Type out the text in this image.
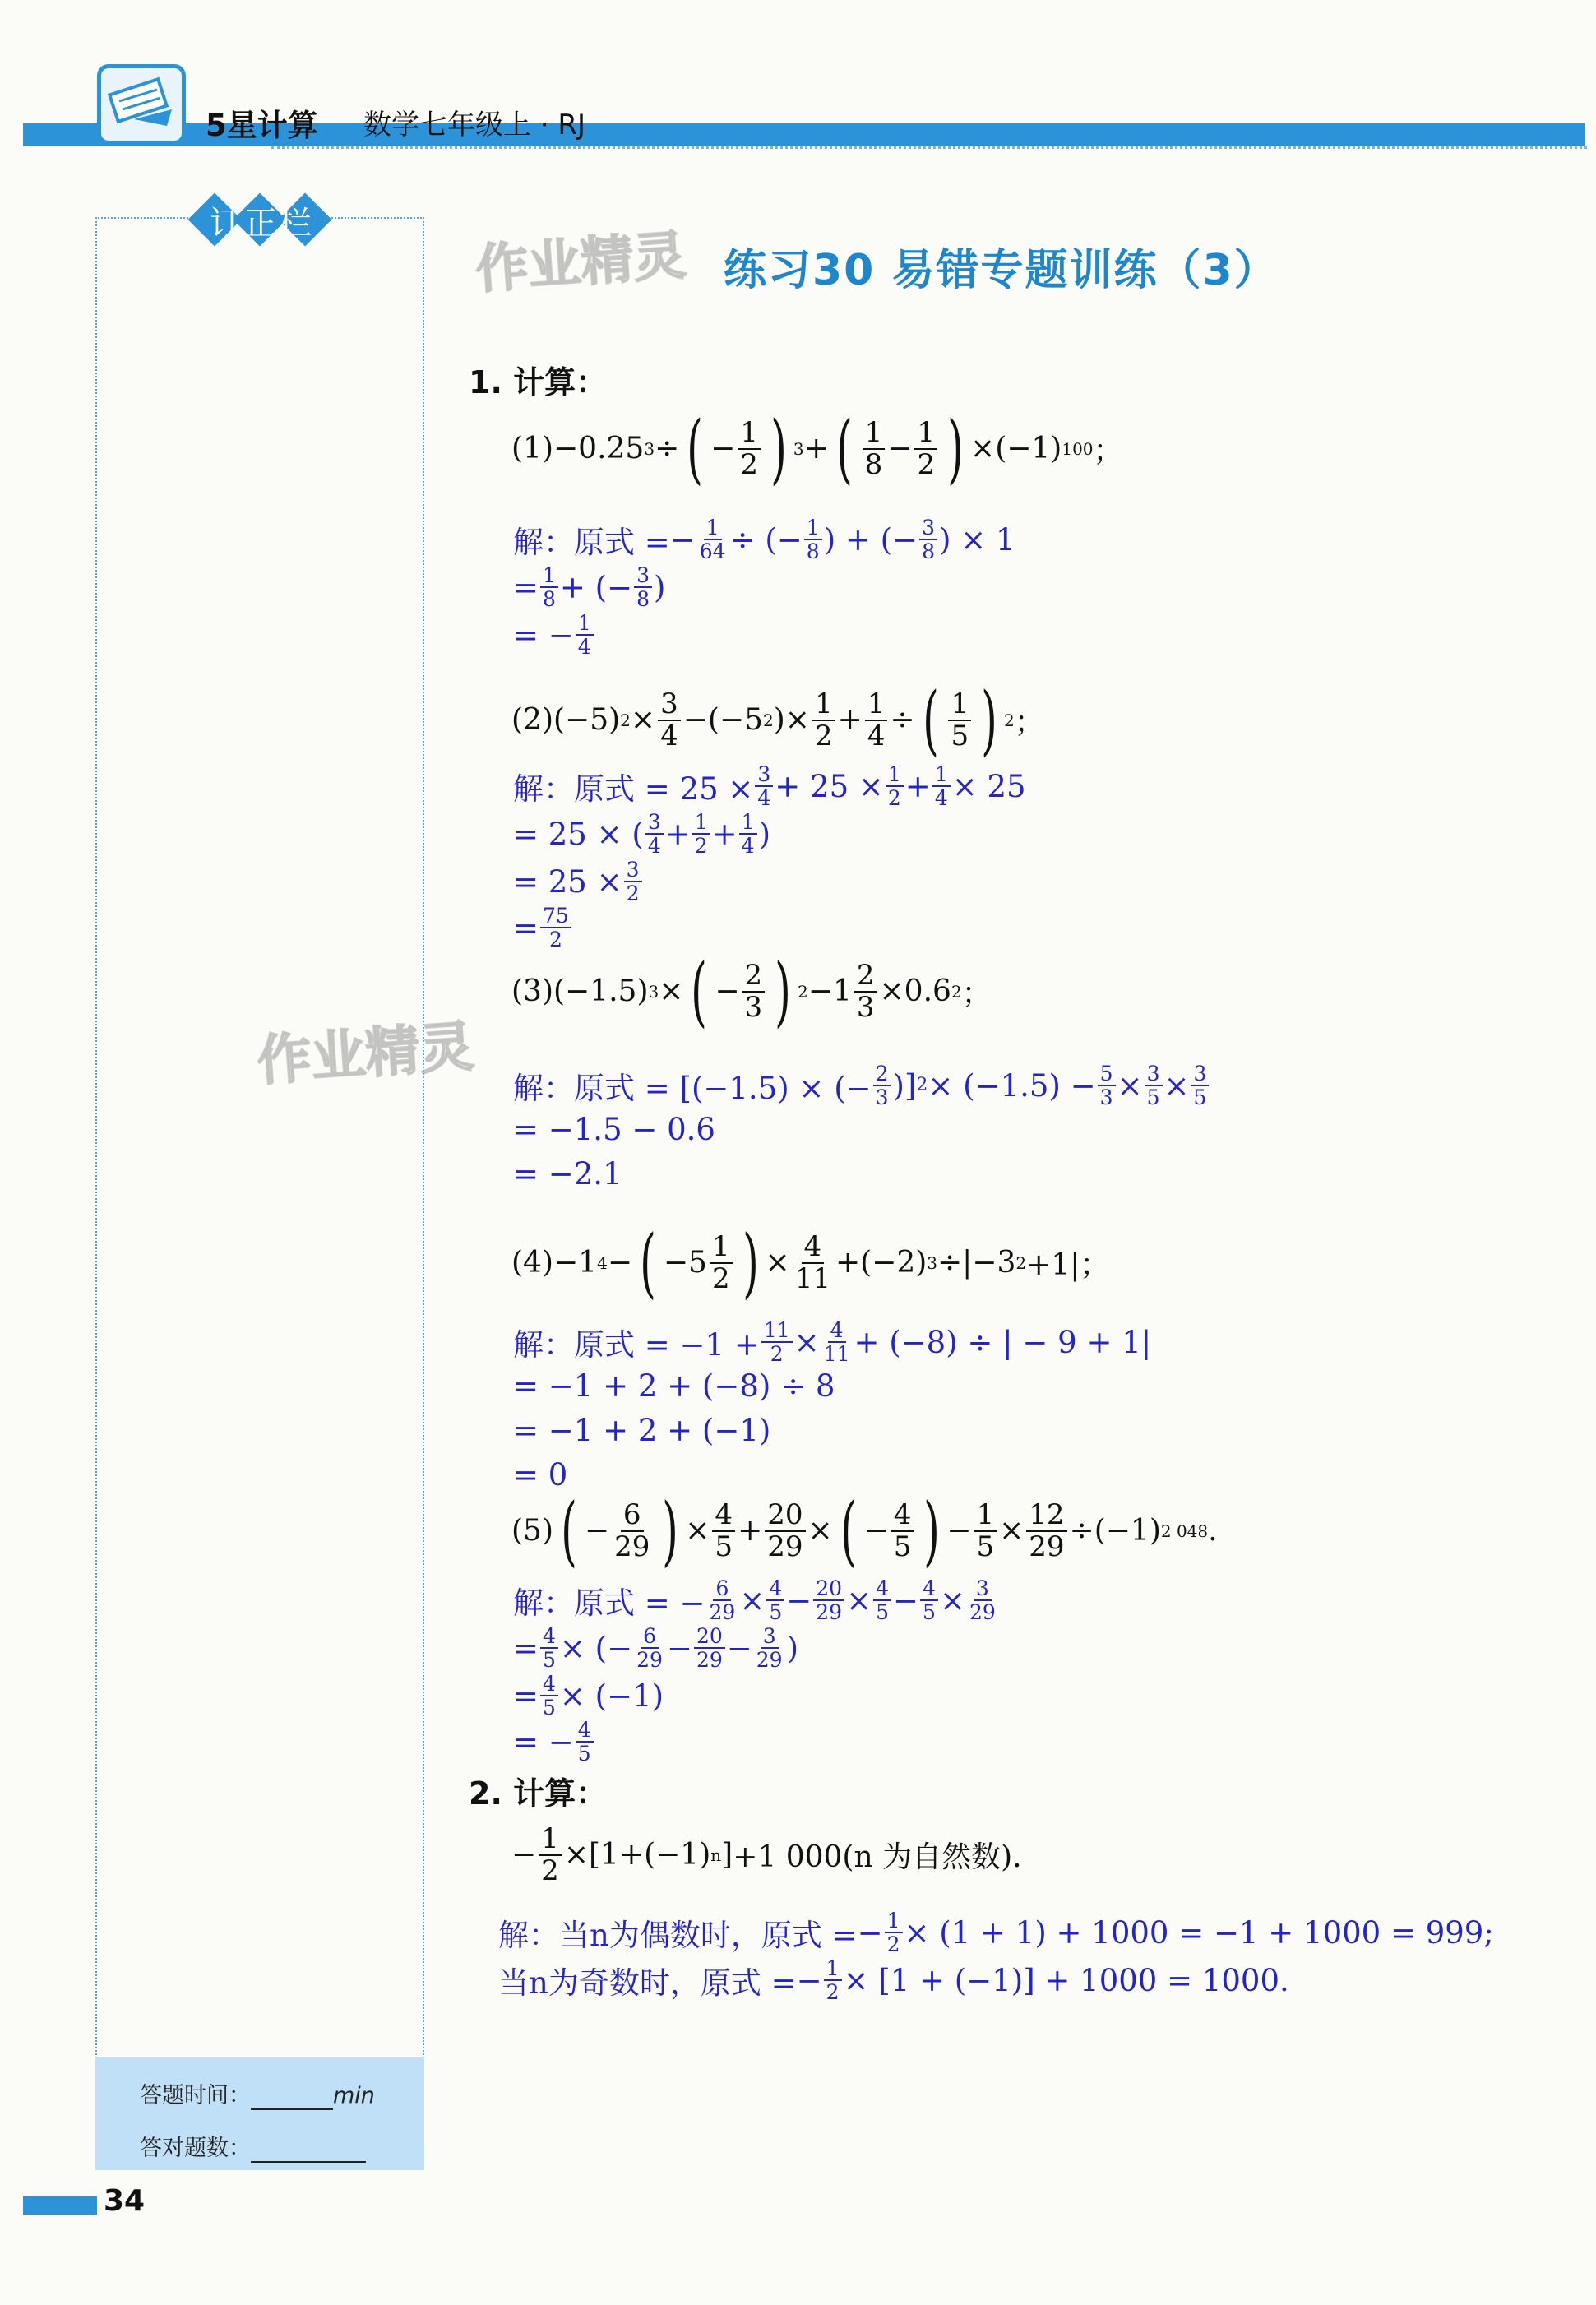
5星计算 数学七年级上 · RJ
订正栏
答题时间：	min
答对题数：
34
作业精灵
作业精灵
练习30 易错专题训练（3）
1. 计算：
(1) −0.25 3 ÷ ( − 1
2 ) 3 + ( 1
8 − 1
2 ) ×(−1) 100 ；
解：原式 = − $\frac{1}{64}$ ÷ (− 1
8 ) + (− 3
8 ) × 1
= 1
8 + (− 3
8 )
= − 1
4
(2) (−5) 2 × 3
4 −(−5 2 )× 1
2 + 1
4 ÷ ( 1
5 ) 2 ；
解：原式 = 25 × 3
4 + 25 × 1
2 + 1
4 × 25
= 25 × ( 3
4 + 1
2 + 1
4 )
= 25 × 3
2
= 75
2
(3) (−1.5) 3 × ( − 2
3 ) 2 −1 2
3 ×0.6 2 ；
解：原式 = [(−1.5) × (− 2
3 )] 2 × (−1.5) − 5
3 × 3
5 × 3
5
= −1.5 − 0.6
= −2.1
(4) −1 4 − ( −5 1
2 ) × 4
11 +(−2) 3 ÷|−3 2 +1|；
解：原式 = −1 + 11
2 × 4
11 + (−8) ÷ | − 9 + 1|
= −1 + 2 + (−8) ÷ 8
= −1 + 2 + (−1)
= 0
(5) ( − 6
29 ) × 4
5 + 20
29 × ( − 4
5 ) − 1
5 × 12
29 ÷(−1) 2 048 .
解：原式 = − 6
29 × 4
5 − 20
29 × 4
5 − 4
5 × 3
29
= 4
5 × (− 6
29 − 20
29 − 3
29 )
= 4
5 × (−1)
= − 4
5
2. 计算：
− 1
2 ×[1+(−1) n ] +1 000(n 为自然数).
解：当n为偶数时，原式 = − $\frac{1}{2} \times (1 + 1) + 1000 = -1 + 1000 = 999$;
当n为奇数时，原式 = − $\frac{1}{2} \times [1 + (-1)] + 1000 = 1000$.
